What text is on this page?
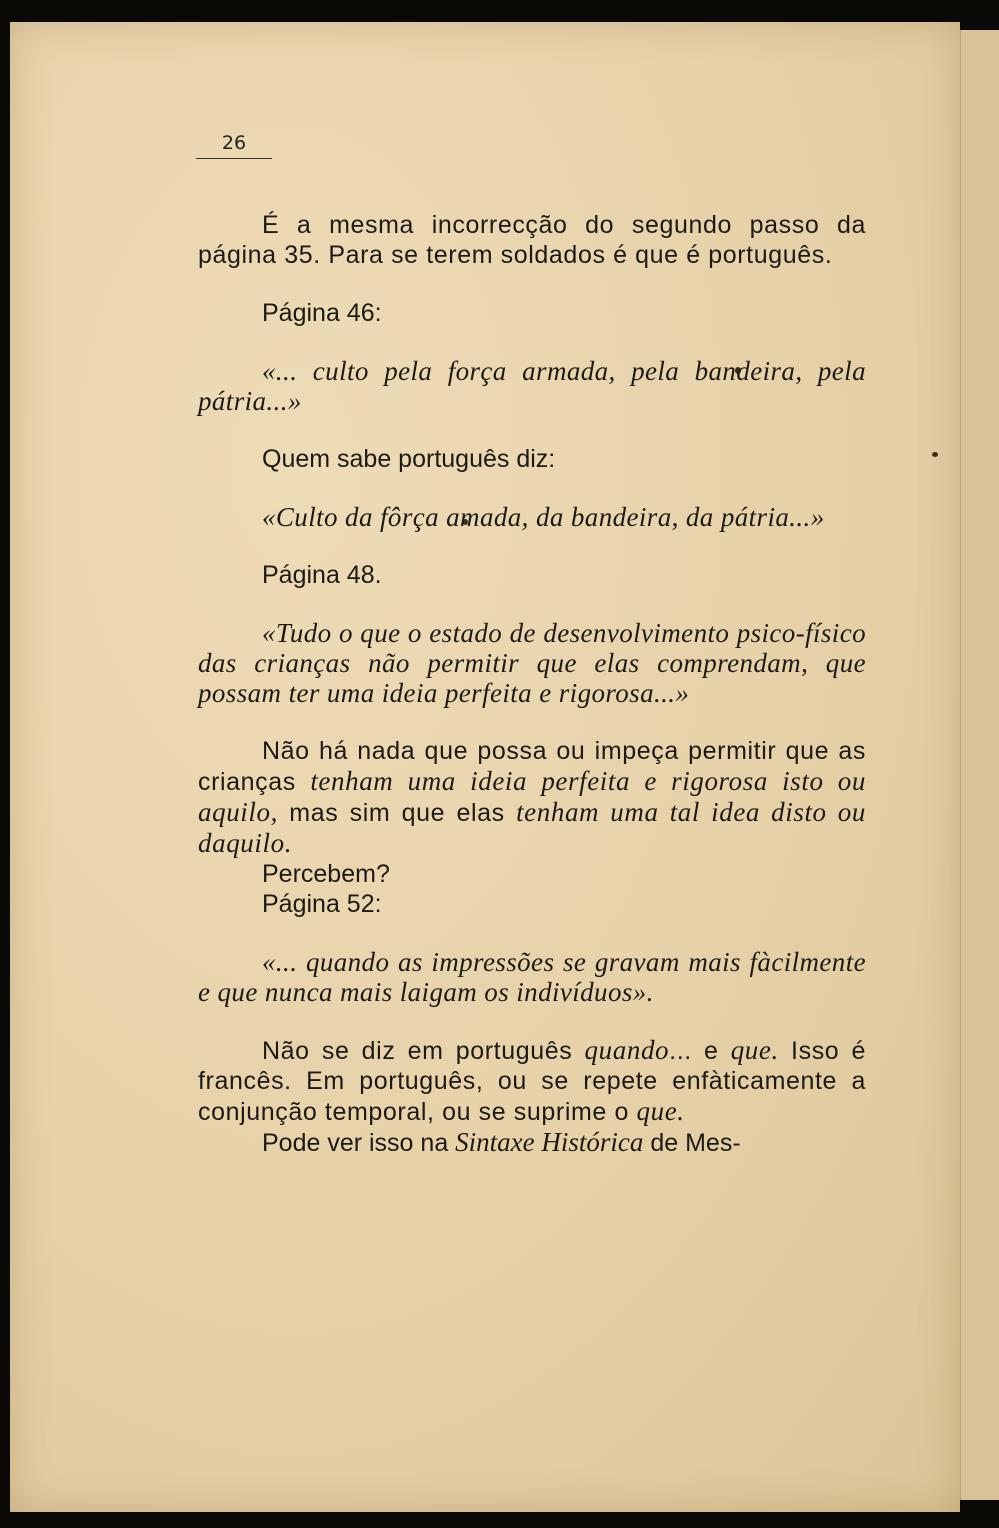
26

É a mesma incorrecção do segundo passo da página 35. Para se terem soldados é que é português.

Página 46:

«... culto pela força armada, pela bandeira, pela pátria...»

Quem sabe português diz:

«Culto da fôrça amada, da bandeira, da pátria...»

Página 48.

«Tudo o que o estado de desenvolvimento psico-físico das crianças não permitir que elas comprendam, que possam ter uma ideia perfeita e rigorosa...»

Não há nada que possa ou impeça permitir que as crianças tenham uma ideia perfeita e rigorosa isto ou aquilo, mas sim que elas tenham uma tal idea disto ou daquilo.

Percebem?

Página 52:

«... quando as impressões se gravam mais fàcilmente e que nunca mais laigam os indivíduos».

Não se diz em português quando... e que. Isso é francês. Em português, ou se repete enfàticamente a conjunção temporal, ou se suprime o que.

Pode ver isso na Sintaxe Histórica de Mes-
